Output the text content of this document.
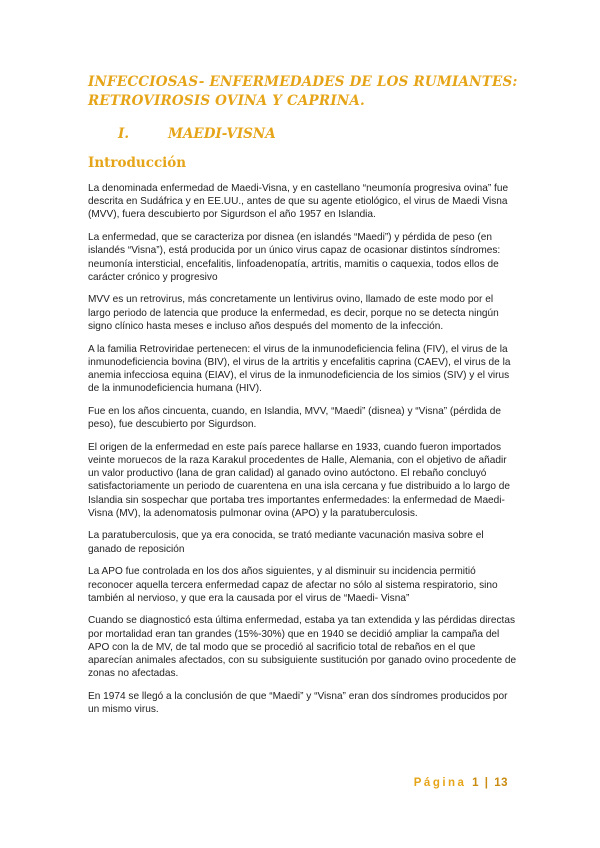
INFECCIOSAS- ENFERMEDADES DE LOS RUMIANTES: RETROVIROSIS OVINA Y CAPRINA.
I.	MAEDI-VISNA
Introducción

La denominada enfermedad de Maedi-Visna, y en castellano “neumonía progresiva ovina” fue descrita en Sudáfrica y en EE.UU., antes de que su agente etiológico, el virus de Maedi Visna (MVV), fuera descubierto por Sigurdson el año 1957 en Islandia.

La enfermedad, que se caracteriza por disnea (en islandés “Maedi”) y pérdida de peso (en islandés “Visna”), está producida por un único virus capaz de ocasionar distintos síndromes: neumonía intersticial, encefalitis, linfoadenopatía, artritis, mamitis o caquexia, todos ellos de carácter crónico y progresivo

MVV es un retrovirus, más concretamente un lentivirus ovino, llamado de este modo por el largo periodo de latencia que produce la enfermedad, es decir, porque no se detecta ningún signo clínico hasta meses e incluso años después del momento de la infección.

A la familia Retroviridae pertenecen: el virus de la inmunodeficiencia felina (FIV), el virus de la inmunodeficiencia bovina (BIV), el virus de la artritis y encefalitis caprina (CAEV), el virus de la anemia infecciosa equina (EIAV), el virus de la inmunodeficiencia de los simios (SIV) y el virus de la inmunodeficiencia humana (HIV).

Fue en los años cincuenta, cuando, en Islandia, MVV, “Maedi” (disnea) y “Visna” (pérdida de peso), fue descubierto por Sigurdson.

El origen de la enfermedad en este país parece hallarse en 1933, cuando fueron importados veinte moruecos de la raza Karakul procedentes de Halle, Alemania, con el objetivo de añadir un valor productivo (lana de gran calidad) al ganado ovino autóctono. El rebaño concluyó satisfactoriamente un periodo de cuarentena en una isla cercana y fue distribuido a lo largo de Islandia sin sospechar que portaba tres importantes enfermedades: la enfermedad de Maedi-Visna (MV), la adenomatosis pulmonar ovina (APO) y la paratuberculosis.

La paratuberculosis, que ya era conocida, se trató mediante vacunación masiva sobre el ganado de reposición

La APO fue controlada en los dos años siguientes, y al disminuir su incidencia permitió reconocer aquella tercera enfermedad capaz de afectar no sólo al sistema respiratorio, sino también al nervioso, y que era la causada por el virus de “Maedi- Visna”

Cuando se diagnosticó esta última enfermedad, estaba ya tan extendida y las pérdidas directas por mortalidad eran tan grandes (15%-30%) que en 1940 se decidió ampliar la campaña del APO con la de MV, de tal modo que se procedió al sacrificio total de rebaños en el que aparecían animales afectados, con su subsiguiente sustitución por ganado ovino procedente de zonas no afectadas.

En 1974 se llegó a la conclusión de que “Maedi” y “Visna” eran dos síndromes producidos por un mismo virus.

Página 1 | 13
